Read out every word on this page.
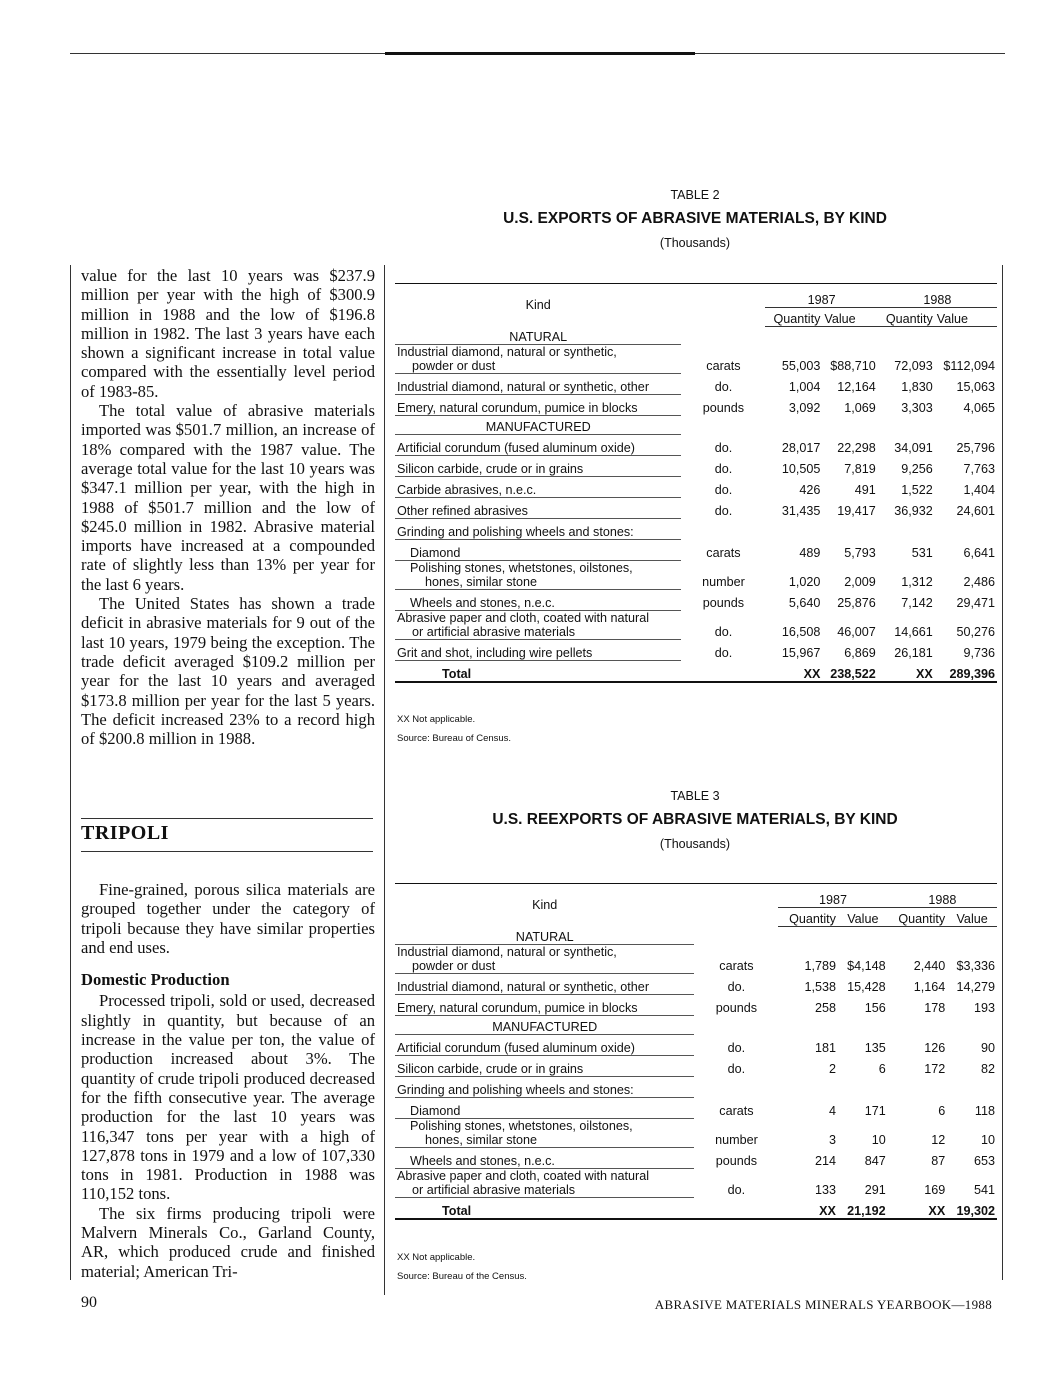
value for the last 10 years was $237.9 million per year with the high of $300.9 million in 1988 and the low of $196.8 million in 1982. The last 3 years have each shown a significant increase in total value compared with the essentially level period of 1983-85.

The total value of abrasive materials imported was $501.7 million, an increase of 18% compared with the 1987 value. The average total value for the last 10 years was $347.1 million per year, with the high in 1988 of $501.7 million and the low of $245.0 million in 1982. Abrasive material imports have increased at a compounded rate of slightly less than 13% per year for the last 6 years.

The United States has shown a trade deficit in abrasive materials for 9 out of the last 10 years, 1979 being the exception. The trade deficit averaged $109.2 million per year for the last 10 years and averaged $173.8 million per year for the last 5 years. The deficit increased 23% to a record high of $200.8 million in 1988.

TRIPOLI

Fine-grained, porous silica materials are grouped together under the category of tripoli because they have similar properties and end uses.

Domestic Production

Processed tripoli, sold or used, decreased slightly in quantity, but because of an increase in the value per ton, the value of production increased about 3%. The quantity of crude tripoli produced decreased for the fifth consecutive year. The average production for the last 10 years was 116,347 tons per year with a high of 127,878 tons in 1979 and a low of 107,330 tons in 1981. Production in 1988 was 110,152 tons.

The six firms producing tripoli were Malvern Minerals Co., Garland County, AR, which produced crude and finished material; American Tri-

TABLE 2
U.S. EXPORTS OF ABRASIVE MATERIALS, BY KIND
(Thousands)
Kind		1987		1988	
		Quantity	Value	Quantity	Value
NATURAL					

Industrial diamond, natural or synthetic,
powder or dust	carats	55,003	$88,710	72,093	$112,094
Industrial diamond, natural or synthetic, other	do.	1,004	12,164	1,830	15,063
Emery, natural corundum, pumice in blocks	pounds	3,092	1,069	3,303	4,065
MANUFACTURED					
Artificial corundum (fused aluminum oxide)	do.	28,017	22,298	34,091	25,796
Silicon carbide, crude or in grains	do.	10,505	7,819	9,256	7,763
Carbide abrasives, n.e.c.	do.	426	491	1,522	1,404
Other refined abrasives	do.	31,435	19,417	36,932	24,601
Grinding and polishing wheels and stones:					
Diamond	carats	489	5,793	531	6,641

Polishing stones, whetstones, oilstones,
hones, similar stone	number	1,020	2,009	1,312	2,486
Wheels and stones, n.e.c.	pounds	5,640	25,876	7,142	29,471

Abrasive paper and cloth, coated with natural
or artificial abrasive materials	do.	16,508	46,007	14,661	50,276
Grit and shot, including wire pellets	do.	15,967	6,869	26,181	9,736
Total		XX	238,522	XX	289,396
XX Not applicable.
Source: Bureau of Census.
TABLE 3
U.S. REEXPORTS OF ABRASIVE MATERIALS, BY KIND
(Thousands)
Kind		1987		1988	
		Quantity	Value	Quantity	Value
NATURAL					

Industrial diamond, natural or synthetic,
powder or dust	carats	1,789	$4,148	2,440	$3,336
Industrial diamond, natural or synthetic, other	do.	1,538	15,428	1,164	14,279
Emery, natural corundum, pumice in blocks	pounds	258	156	178	193
MANUFACTURED					
Artificial corundum (fused aluminum oxide)	do.	181	135	126	90
Silicon carbide, crude or in grains	do.	2	6	172	82
Grinding and polishing wheels and stones:					
Diamond	carats	4	171	6	118

Polishing stones, whetstones, oilstones,
hones, similar stone	number	3	10	12	10
Wheels and stones, n.e.c.	pounds	214	847	87	653

Abrasive paper and cloth, coated with natural
or artificial abrasive materials	do.	133	291	169	541
Total		XX	21,192	XX	19,302
XX Not applicable.
Source: Bureau of the Census.
90	ABRASIVE MATERIALS MINERALS YEARBOOK—1988
